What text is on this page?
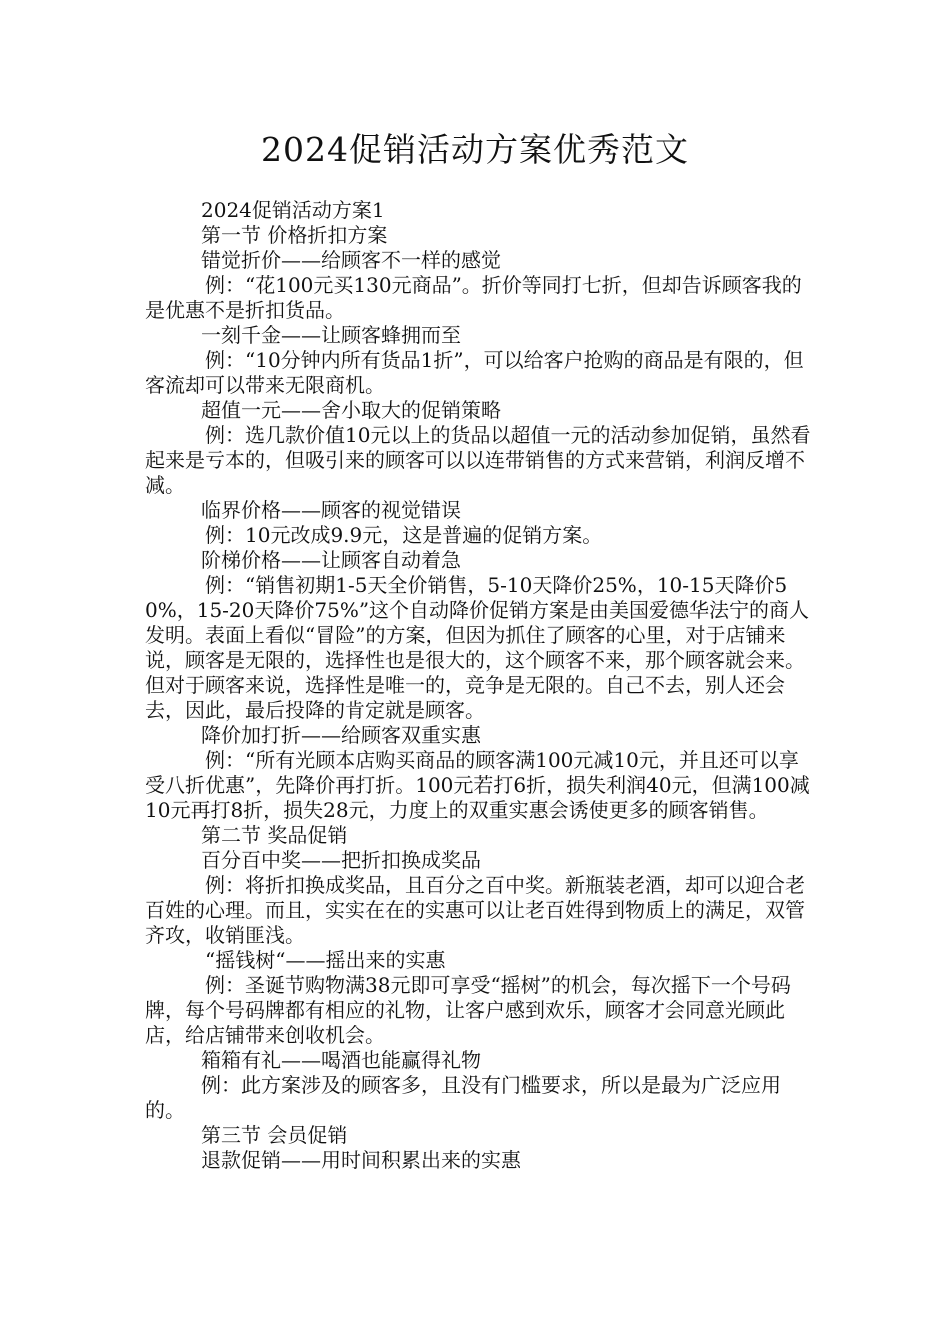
2024促销活动方案优秀范文

2024促销活动方案1

第一节 价格折扣方案

错觉折价——给顾客不一样的感觉

例：“花100元买130元商品”。折价等同打七折，但却告诉顾客我的是优惠不是折扣货品。

一刻千金——让顾客蜂拥而至

例：“10分钟内所有货品1折”，可以给客户抢购的商品是有限的，但客流却可以带来无限商机。

超值一元——舍小取大的促销策略

例：选几款价值10元以上的货品以超值一元的活动参加促销，虽然看起来是亏本的，但吸引来的顾客可以以连带销售的方式来营销，利润反增不减。

临界价格——顾客的视觉错误

例：10元改成9.9元，这是普遍的促销方案。

阶梯价格——让顾客自动着急

例：“销售初期1-5天全价销售，5-10天降价25%，10-15天降价50%，15-20天降价75%”这个自动降价促销方案是由美国爱德华法宁的商人发明。表面上看似“冒险”的方案，但因为抓住了顾客的心里，对于店铺来说，顾客是无限的，选择性也是很大的，这个顾客不来，那个顾客就会来。但对于顾客来说，选择性是唯一的，竞争是无限的。自己不去，别人还会去，因此，最后投降的肯定就是顾客。

降价加打折——给顾客双重实惠

例：“所有光顾本店购买商品的顾客满100元减10元，并且还可以享受八折优惠”，先降价再打折。100元若打6折，损失利润40元，但满100减10元再打8折，损失28元，力度上的双重实惠会诱使更多的顾客销售。

第二节 奖品促销

百分百中奖——把折扣换成奖品

例：将折扣换成奖品，且百分之百中奖。新瓶装老酒，却可以迎合老百姓的心理。而且，实实在在的实惠可以让老百姓得到物质上的满足，双管齐攻，收销匪浅。

“摇钱树“——摇出来的实惠

例：圣诞节购物满38元即可享受“摇树”的机会，每次摇下一个号码牌，每个号码牌都有相应的礼物，让客户感到欢乐，顾客才会同意光顾此店，给店铺带来创收机会。

箱箱有礼——喝酒也能赢得礼物

例：此方案涉及的顾客多，且没有门槛要求，所以是最为广泛应用的。

第三节 会员促销

退款促销——用时间积累出来的实惠
